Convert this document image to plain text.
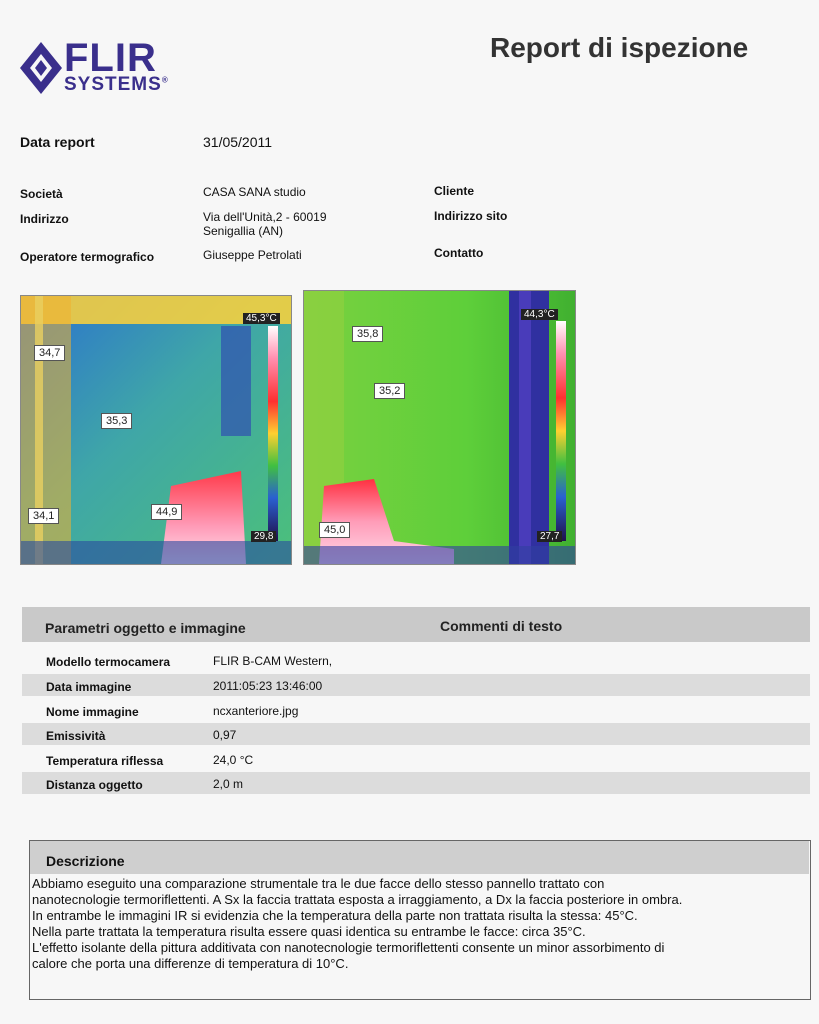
FLIR
SYSTEMS®
Report di ispezione
Data report	31/05/2011
Società	CASA SANA studio
Indirizzo	Via dell'Unità,2 - 60019
Senigallia (AN)
Operatore termografico	Giuseppe Petrolati
Cliente
Indirizzo sito
Contatto
45,3°C
29,8
34,7
35,3
34,1	44,9
44,3°C
27,7
35,8
35,2
45,0
Parametri oggetto e immagine	Commenti di testo
Modello termocamera	FLIR B-CAM Western,
Data immagine	2011:05:23 13:46:00
Nome immagine	ncxanteriore.jpg
Emissività	0,97
Temperatura riflessa	24,0 °C
Distanza oggetto	2,0 m
Descrizione
Abbiamo eseguito una comparazione strumentale tra le due facce dello stesso pannello trattato con
nanotecnologie termoriflettenti. A Sx la faccia trattata esposta a irraggiamento, a Dx la faccia posteriore in ombra.
In entrambe le immagini IR si evidenzia che la temperatura della parte non trattata risulta la stessa: 45°C.
Nella parte trattata la temperatura risulta essere quasi identica su entrambe le facce: circa 35°C.
L'effetto isolante della pittura additivata con nanotecnologie termoriflettenti consente un minor assorbimento di
calore che porta una differenze di temperatura di 10°C.
